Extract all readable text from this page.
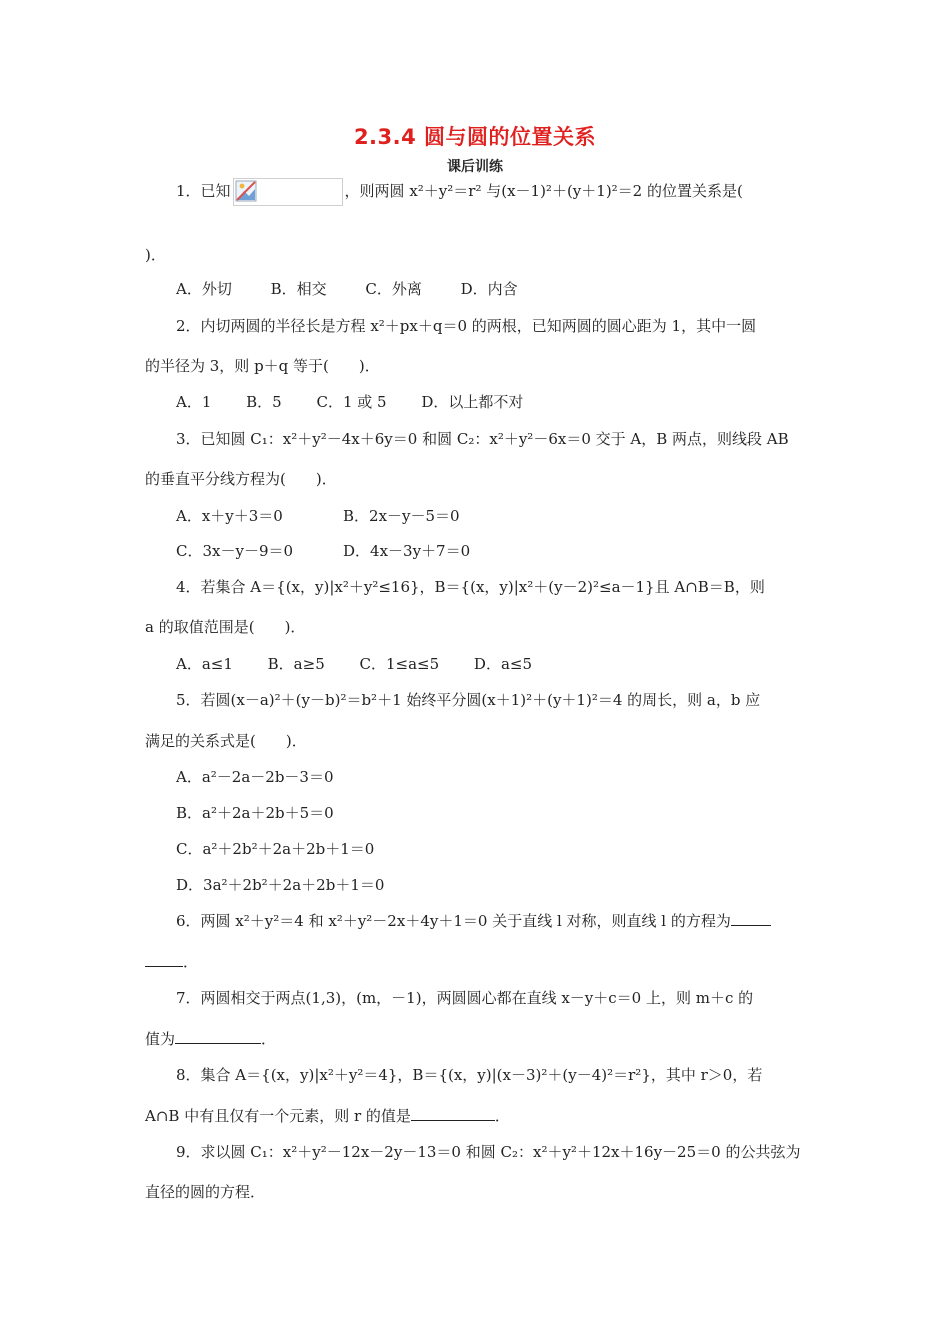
2.3.4 圆与圆的位置关系
课后训练
1．已知	，则两圆 x²＋y²＝r² 与(x－1)²＋(y＋1)²＝2 的位置关系是(
)．
A．外切　　 B．相交　　 C．外离　　 D．内含
2．内切两圆的半径长是方程 x²＋px＋q＝0 的两根，已知两圆的圆心距为 1，其中一圆
的半径为 3，则 p＋q 等于(　　)．
A．1　　 B．5　　 C．1 或 5　　 D．以上都不对
3．已知圆 C₁：x²＋y²－4x＋6y＝0 和圆 C₂：x²＋y²－6x＝0 交于 A，B 两点，则线段 AB
的垂直平分线方程为(　　)．
A．x＋y＋3＝0	B．2x－y－5＝0
C．3x－y－9＝0	D．4x－3y＋7＝0
4．若集合 A＝{(x，y)|x²＋y²≤16}，B＝{(x，y)|x²＋(y－2)²≤a－1}且 A∩B＝B，则
a 的取值范围是(　　)．
A．a≤1　　 B．a≥5　　 C．1≤a≤5　　 D．a≤5
5．若圆(x－a)²＋(y－b)²＝b²＋1 始终平分圆(x＋1)²＋(y＋1)²＝4 的周长，则 a，b 应
满足的关系式是(　　)．
A．a²－2a－2b－3＝0
B．a²＋2a＋2b＋5＝0
C．a²＋2b²＋2a＋2b＋1＝0
D．3a²＋2b²＋2a＋2b＋1＝0
6．两圆 x²＋y²＝4 和 x²＋y²－2x＋4y＋1＝0 关于直线 l 对称，则直线 l 的方程为
．
7．两圆相交于两点(1,3)，(m，－1)，两圆圆心都在直线 x－y＋c＝0 上，则 m＋c 的
值为	．
8．集合 A＝{(x，y)|x²＋y²＝4}，B＝{(x，y)|(x－3)²＋(y－4)²＝r²}，其中 r＞0，若
A∩B 中有且仅有一个元素，则 r 的值是	．
9．求以圆 C₁：x²＋y²－12x－2y－13＝0 和圆 C₂：x²＋y²＋12x＋16y－25＝0 的公共弦为
直径的圆的方程．
